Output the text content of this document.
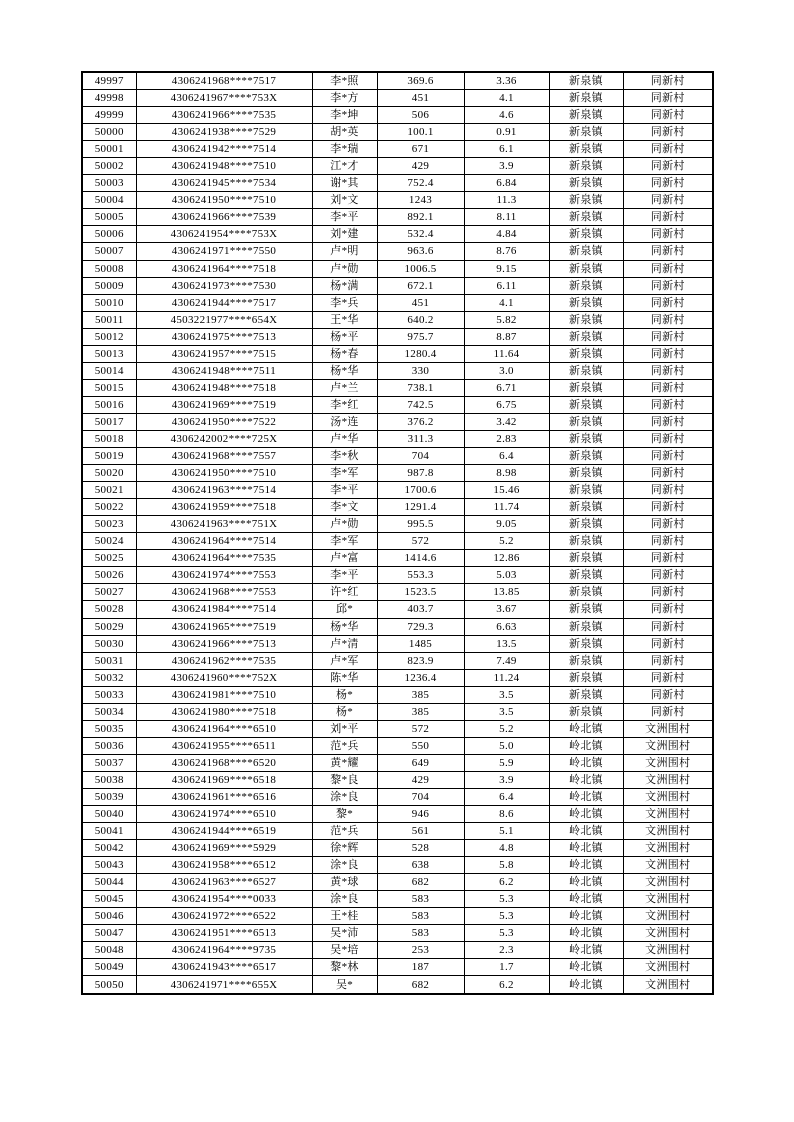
49997	4306241968****7517	李*照	369.6	3.36	新泉镇	同新村
49998	4306241967****753X	李*方	451	4.1	新泉镇	同新村
49999	4306241966****7535	李*坤	506	4.6	新泉镇	同新村
50000	4306241938****7529	胡*英	100.1	0.91	新泉镇	同新村
50001	4306241942****7514	李*瑞	671	6.1	新泉镇	同新村
50002	4306241948****7510	江*才	429	3.9	新泉镇	同新村
50003	4306241945****7534	谢*其	752.4	6.84	新泉镇	同新村
50004	4306241950****7510	刘*文	1243	11.3	新泉镇	同新村
50005	4306241966****7539	李*平	892.1	8.11	新泉镇	同新村
50006	4306241954****753X	刘*建	532.4	4.84	新泉镇	同新村
50007	4306241971****7550	卢*明	963.6	8.76	新泉镇	同新村
50008	4306241964****7518	卢*勋	1006.5	9.15	新泉镇	同新村
50009	4306241973****7530	杨*满	672.1	6.11	新泉镇	同新村
50010	4306241944****7517	李*兵	451	4.1	新泉镇	同新村
50011	4503221977****654X	王*华	640.2	5.82	新泉镇	同新村
50012	4306241975****7513	杨*平	975.7	8.87	新泉镇	同新村
50013	4306241957****7515	杨*春	1280.4	11.64	新泉镇	同新村
50014	4306241948****7511	杨*华	330	3.0	新泉镇	同新村
50015	4306241948****7518	卢*兰	738.1	6.71	新泉镇	同新村
50016	4306241969****7519	李*红	742.5	6.75	新泉镇	同新村
50017	4306241950****7522	汤*连	376.2	3.42	新泉镇	同新村
50018	4306242002****725X	卢*华	311.3	2.83	新泉镇	同新村
50019	4306241968****7557	李*秋	704	6.4	新泉镇	同新村
50020	4306241950****7510	李*军	987.8	8.98	新泉镇	同新村
50021	4306241963****7514	李*平	1700.6	15.46	新泉镇	同新村
50022	4306241959****7518	李*文	1291.4	11.74	新泉镇	同新村
50023	4306241963****751X	卢*勋	995.5	9.05	新泉镇	同新村
50024	4306241964****7514	李*军	572	5.2	新泉镇	同新村
50025	4306241964****7535	卢*富	1414.6	12.86	新泉镇	同新村
50026	4306241974****7553	李*平	553.3	5.03	新泉镇	同新村
50027	4306241968****7553	许*红	1523.5	13.85	新泉镇	同新村
50028	4306241984****7514	邱*	403.7	3.67	新泉镇	同新村
50029	4306241965****7519	杨*华	729.3	6.63	新泉镇	同新村
50030	4306241966****7513	卢*清	1485	13.5	新泉镇	同新村
50031	4306241962****7535	卢*军	823.9	7.49	新泉镇	同新村
50032	4306241960****752X	陈*华	1236.4	11.24	新泉镇	同新村
50033	4306241981****7510	杨*	385	3.5	新泉镇	同新村
50034	4306241980****7518	杨*	385	3.5	新泉镇	同新村
50035	4306241964****6510	刘*平	572	5.2	岭北镇	文洲围村
50036	4306241955****6511	范*兵	550	5.0	岭北镇	文洲围村
50037	4306241968****6520	黄*耀	649	5.9	岭北镇	文洲围村
50038	4306241969****6518	黎*良	429	3.9	岭北镇	文洲围村
50039	4306241961****6516	涂*良	704	6.4	岭北镇	文洲围村
50040	4306241974****6510	黎*	946	8.6	岭北镇	文洲围村
50041	4306241944****6519	范*兵	561	5.1	岭北镇	文洲围村
50042	4306241969****5929	徐*辉	528	4.8	岭北镇	文洲围村
50043	4306241958****6512	涂*良	638	5.8	岭北镇	文洲围村
50044	4306241963****6527	黄*球	682	6.2	岭北镇	文洲围村
50045	4306241954****0033	涂*良	583	5.3	岭北镇	文洲围村
50046	4306241972****6522	王*桂	583	5.3	岭北镇	文洲围村
50047	4306241951****6513	吴*沛	583	5.3	岭北镇	文洲围村
50048	4306241964****9735	吴*培	253	2.3	岭北镇	文洲围村
50049	4306241943****6517	黎*林	187	1.7	岭北镇	文洲围村
50050	4306241971****655X	吴*	682	6.2	岭北镇	文洲围村
